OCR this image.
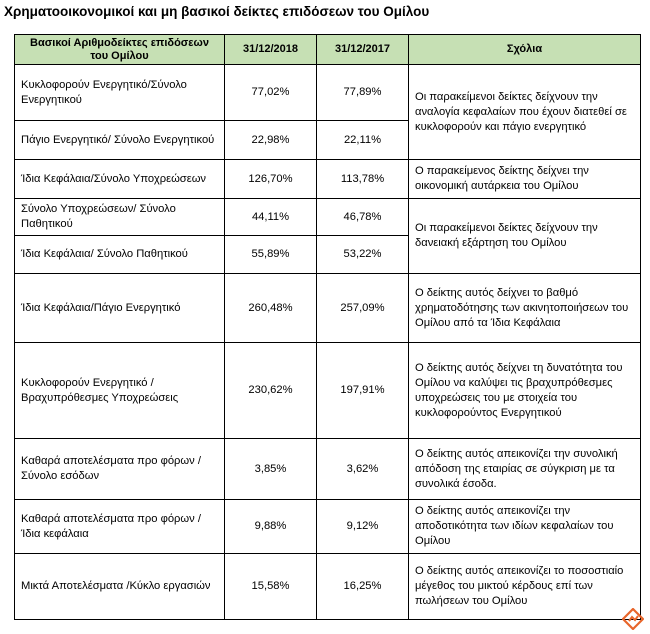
Χρηματοοικονομικοί και μη βασικοί δείκτες επιδόσεων του Ομίλου
Βασικοί Αριθμοδείκτες επιδόσεων του Ομίλου	31/12/2018	31/12/2017	Σχόλια
Κυκλοφορούν Ενεργητικό/Σύνολο Ενεργητικού	77,02%	77,89%	Οι παρακείμενοι δείκτες δείχνουν την αναλογία κεφαλαίων που έχουν διατεθεί σε κυκλοφορούν και πάγιο ενεργητικό
Πάγιο Ενεργητικό/ Σύνολο Ενεργητικού	22,98%	22,11%	
Ίδια Κεφάλαια/Σύνολο Υποχρεώσεων	126,70%	113,78%	Ο παρακείμενος δείκτης δείχνει την οικονομική αυτάρκεια του Ομίλου
Σύνολο Υποχρεώσεων/ Σύνολο Παθητικού	44,11%	46,78%	Οι παρακείμενοι δείκτες δείχνουν την δανειακή εξάρτηση του Ομίλου
Ίδια Κεφάλαια/ Σύνολο Παθητικού	55,89%	53,22%	
Ίδια Κεφάλαια/Πάγιο Ενεργητικό	260,48%	257,09%	Ο δείκτης αυτός δείχνει το βαθμό χρηματοδότησης των ακινητοποιήσεων του Ομίλου από τα Ίδια Κεφάλαια
Κυκλοφορούν Ενεργητικό /Βραχυπρόθεσμες Υποχρεώσεις	230,62%	197,91%	Ο δείκτης αυτός δείχνει τη δυνατότητα του Ομίλου να καλύψει τις βραχυπρόθεσμες υποχρεώσεις του με στοιχεία του κυκλοφορούντος Ενεργητικού
Καθαρά αποτελέσματα προ φόρων /Σύνολο εσόδων	3,85%	3,62%	Ο δείκτης αυτός απεικονίζει την συνολική απόδοση της εταιρίας σε σύγκριση με τα συνολικά έσοδα.
Καθαρά αποτελέσματα προ φόρων / Ίδια κεφάλαια	9,88%	9,12%	Ο δείκτης αυτός απεικονίζει την αποδοτικότητα των ιδίων κεφαλαίων του Ομίλου
Μικτά Αποτελέσματα /Κύκλο εργασιών	15,58%	16,25%	Ο δείκτης αυτός απεικονίζει το ποσοστιαίο μέγεθος του μικτού κέρδους επί των πωλήσεων του Ομίλου
